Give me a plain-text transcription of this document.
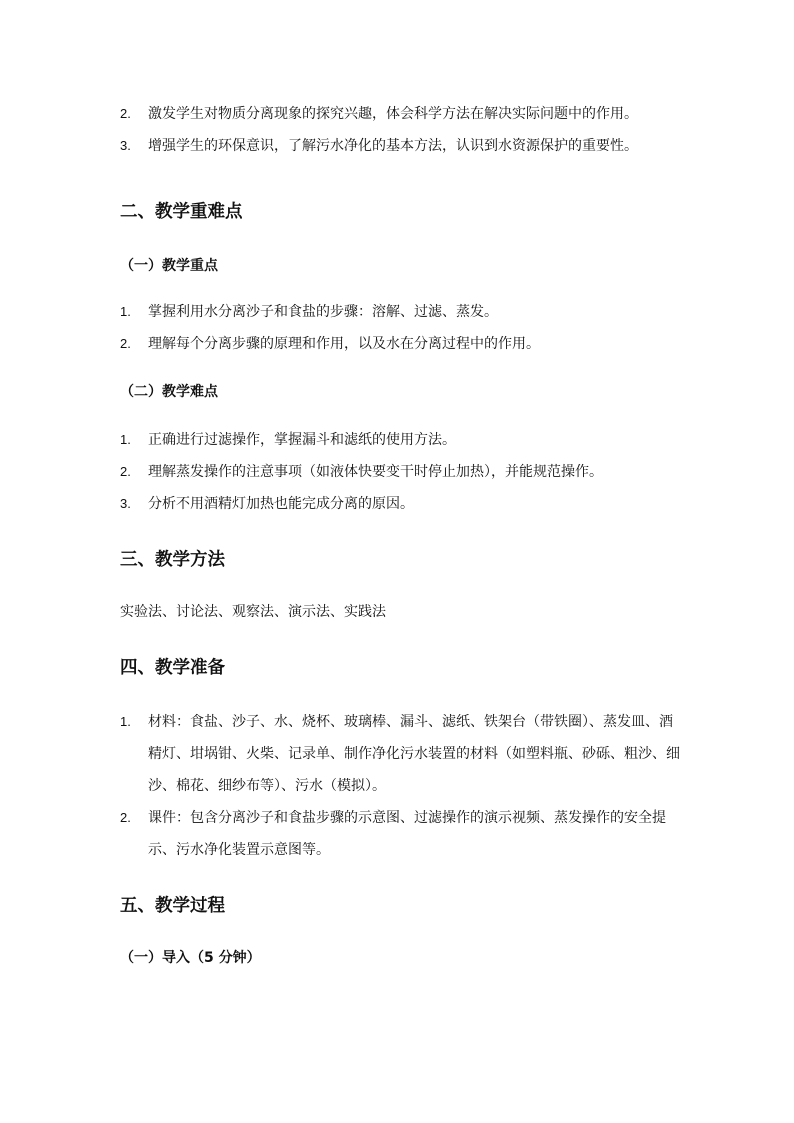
2. 激发学生对物质分离现象的探究兴趣，体会科学方法在解决实际问题中的作用。
3. 增强学生的环保意识，了解污水净化的基本方法，认识到水资源保护的重要性。
二、教学重难点
（一）教学重点
1. 掌握利用水分离沙子和食盐的步骤：溶解、过滤、蒸发。
2. 理解每个分离步骤的原理和作用，以及水在分离过程中的作用。
（二）教学难点
1. 正确进行过滤操作，掌握漏斗和滤纸的使用方法。
2. 理解蒸发操作的注意事项（如液体快要变干时停止加热），并能规范操作。
3. 分析不用酒精灯加热也能完成分离的原因。
三、教学方法

实验法、讨论法、观察法、演示法、实践法

四、教学准备
1. 材料：食盐、沙子、水、烧杯、玻璃棒、漏斗、滤纸、铁架台（带铁圈）、蒸发皿、酒精灯、坩埚钳、火柴、记录单、制作净化污水装置的材料（如塑料瓶、砂砾、粗沙、细沙、棉花、细纱布等）、污水（模拟）。
2. 课件：包含分离沙子和食盐步骤的示意图、过滤操作的演示视频、蒸发操作的安全提示、污水净化装置示意图等。
五、教学过程
（一）导入（5 分钟）
